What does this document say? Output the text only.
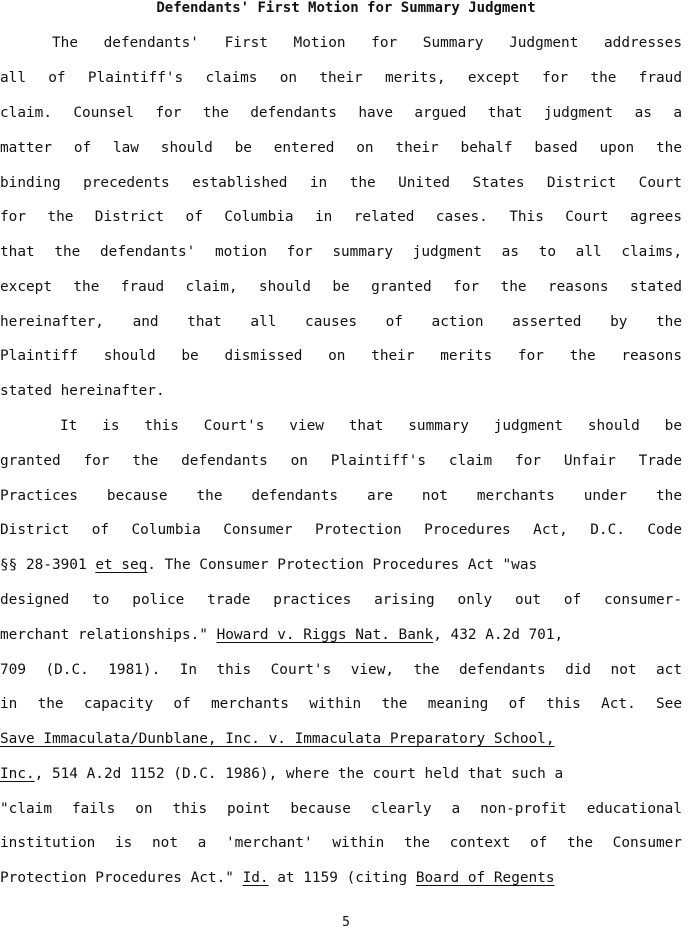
Defendants' First Motion for Summary Judgment
The defendants' First Motion for Summary Judgment addresses
all of Plaintiff's claims on their merits, except for the fraud
claim. Counsel for the defendants have argued that judgment as a
matter of law should be entered on their behalf based upon the
binding precedents established in the United States District Court
for the District of Columbia in related cases. This Court agrees
that the defendants' motion for summary judgment as to all claims,
except the fraud claim, should be granted for the reasons stated
hereinafter, and that all causes of action asserted by the
Plaintiff should be dismissed on their merits for the reasons
stated hereinafter.
It is this Court's view that summary judgment should be
granted for the defendants on Plaintiff's claim for Unfair Trade
Practices because the defendants are not merchants under the
District of Columbia Consumer Protection Procedures Act, D.C. Code
§§ 28-3901 et seq. The Consumer Protection Procedures Act "was
designed to police trade practices arising only out of consumer-
merchant relationships." Howard v. Riggs Nat. Bank, 432 A.2d 701,
709 (D.C. 1981). In this Court's view, the defendants did not act
in the capacity of merchants within the meaning of this Act. See
Save Immaculata/Dunblane, Inc. v. Immaculata Preparatory School,
Inc., 514 A.2d 1152 (D.C. 1986), where the court held that such a
"claim fails on this point because clearly a non-profit educational
institution is not a 'merchant' within the context of the Consumer
Protection Procedures Act." Id. at 1159 (citing Board of Regents
5
